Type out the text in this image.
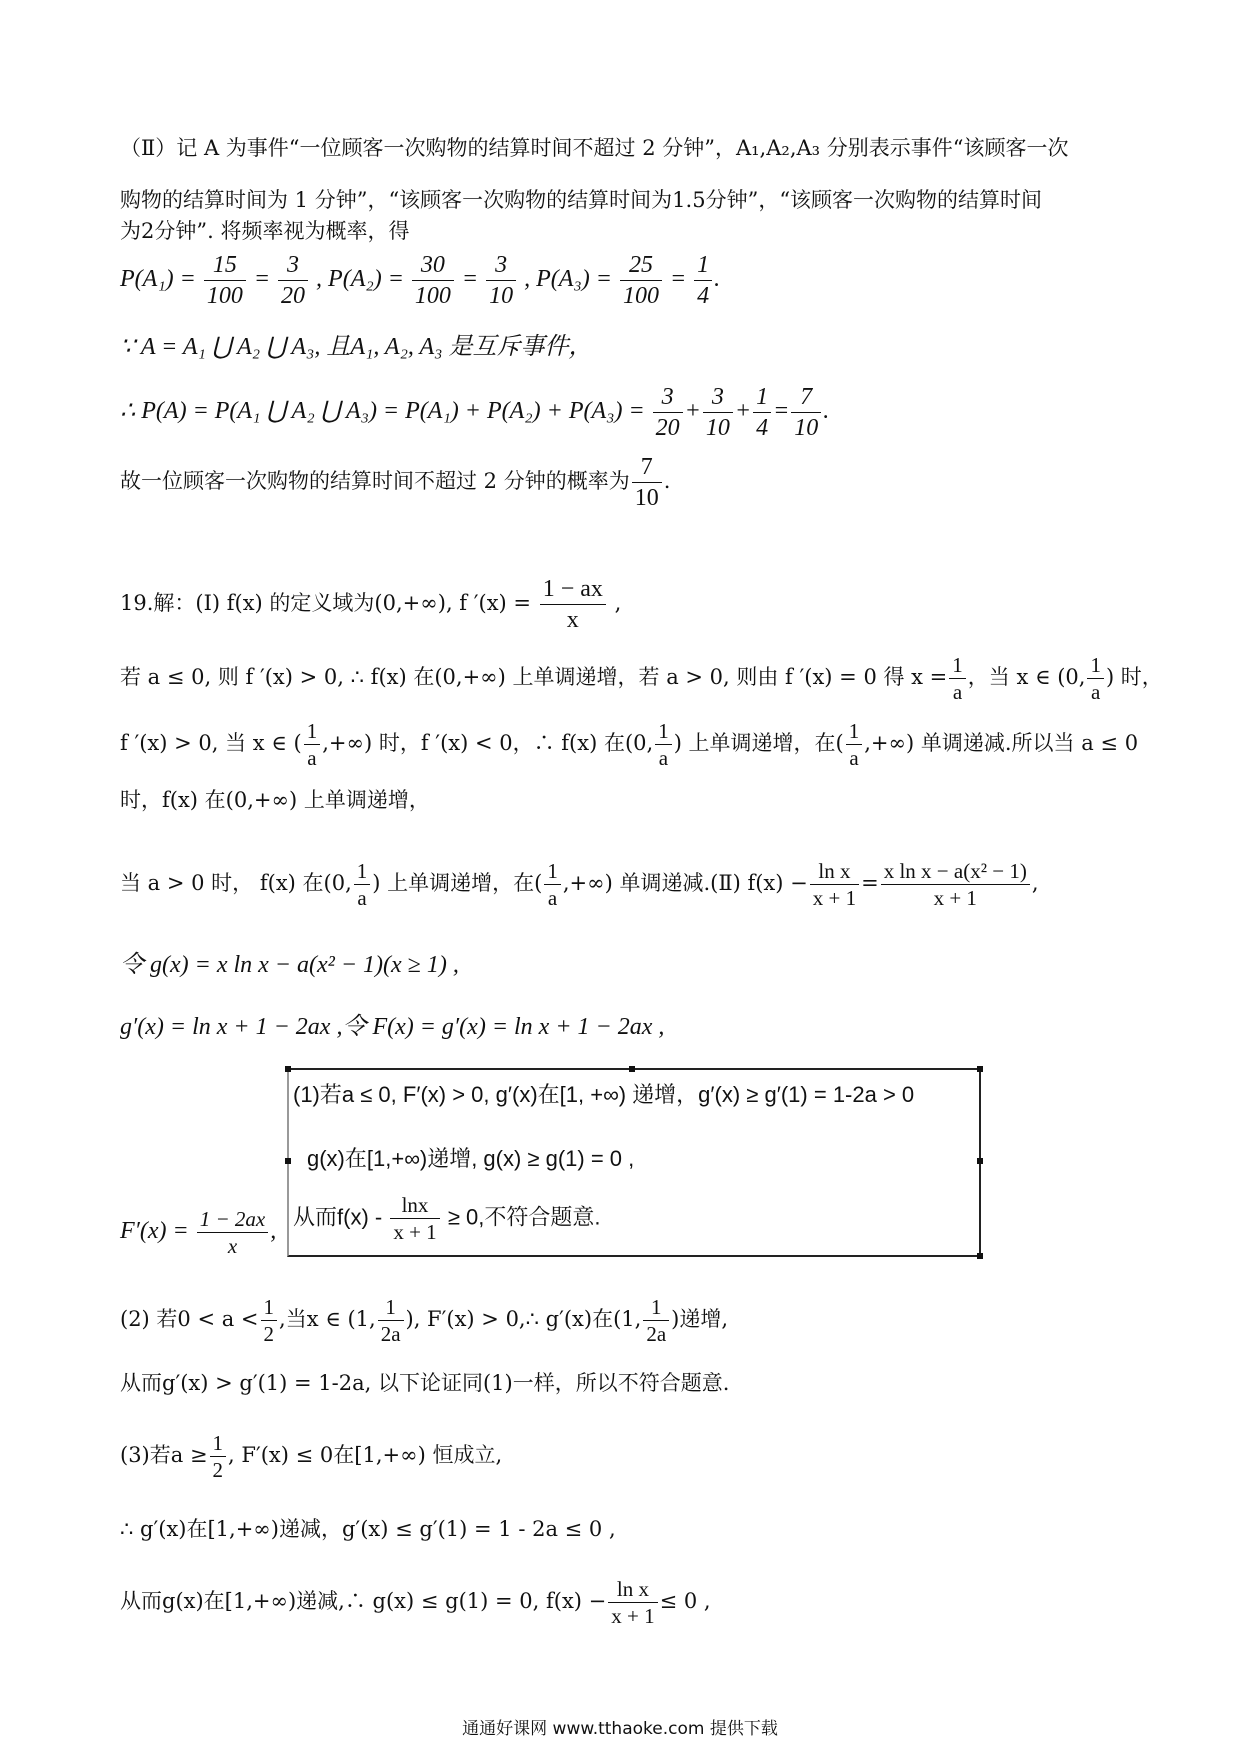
（Ⅱ）记 A 为事件“一位顾客一次购物的结算时间不超过 2 分钟”，A₁,A₂,A₃ 分别表示事件“该顾客一次
购物的结算时间为 1 分钟”，“该顾客一次购物的结算时间为1.5分钟”，“该顾客一次购物的结算时间
为2分钟”. 将频率视为概率，得
$P(A_1) = \frac{15}{100} = \frac{3}{20}$ , $P(A_2) = \frac{30}{100} = \frac{3}{10}$ , $P(A_3) = \frac{25}{100} = \frac{1}{4}$ .
∵ A = A₁ ⋃ A₂ ⋃ A₃, 且A₁, A₂, A₃ 是互斥事件，
∴ P(A) = P(A₁ ⋃ A₂ ⋃ $A_3) = P(A_1) + P(A_2) + P(A_3) = \frac{3}{20} + \frac{3}{10} + \frac{1}{4} = \frac{7}{10}$ .
故一位顾客一次购物的结算时间不超过 2 分钟的概率为 $\frac{7}{10}$ .
19.解：(Ⅰ) f(x) 的定义域为(0,+∞), f $'(x) = \frac{1 - ax}{x}$ ,
若 a ≤ 0, 则 f ′(x) > 0, ∴ f(x) 在(0,+∞) 上单调递增，若 a > 0, 则由 f ′(x) = 0 得 $x = \frac{1}{a}$ ，当 x ∈ (0, $\frac{1}{a}$ ) 时，
f ′(x) > 0, 当 x ∈ ( $\frac{1}{a}$ ,+∞) 时，f ′(x) < 0，∴ f(x) 在(0, $\frac{1}{a}$ ) 上单调递增，在( $\frac{1}{a}$ ,+∞) 单调递减.所以当 a ≤ 0
时，f(x) 在(0,+∞) 上单调递增，
当 a > 0 时， f(x) 在(0, $\frac{1}{a}$ ) 上单调递增，在( $\frac{1}{a}$ ,+∞) 单调递减.(Ⅱ) $f(x) - \frac{\text{ln x}}{x + 1} = \frac{\text{x ln x − a(x² − 1)}}{x + 1}$ ,
令 g(x) = x ln x − a(x² − 1)(x ≥ 1) ,
g′(x) = ln x + 1 − 2ax ,令 F(x) = g′(x) = ln x + 1 − 2ax ,
(1)若a ≤ 0, F′(x) > 0, g′(x)在[1, +∞) 递增，g′(x) ≥ g′(1) = 1-2a > 0
g(x)在[1,+∞)递增, g(x) ≥ g(1) = 0 ,
从而$f(x) - \frac{\ln x}{x + 1} \ge 0$,不符合题意.
$F'(x) = \frac{1 - 2ax}{x}$ ,
(2) 若$0 < a < \frac{1}{2}$ ,当x ∈ (1, $\frac{1}{2a}$ ), F′(x) > 0,∴ g′(x)在(1, $\frac{1}{2a}$ )递增,
从而g′(x) > g′(1) = 1-2a, 以下论证同(1)一样，所以不符合题意.
(3)若$a \ge \frac{1}{2}$ , F′(x) ≤ 0在[1,+∞) 恒成立,
∴ g′(x)在[1,+∞)递减，g′(x) ≤ g′(1) = 1 - 2a ≤ 0 ,
从而g(x)在[1,+∞)递减,∴ g(x) ≤ g(1) = 0, $f(x) - \frac{\text{ln x}}{x + 1} \le 0$ ,
通通好课网 www.tthaoke.com 提供下载
